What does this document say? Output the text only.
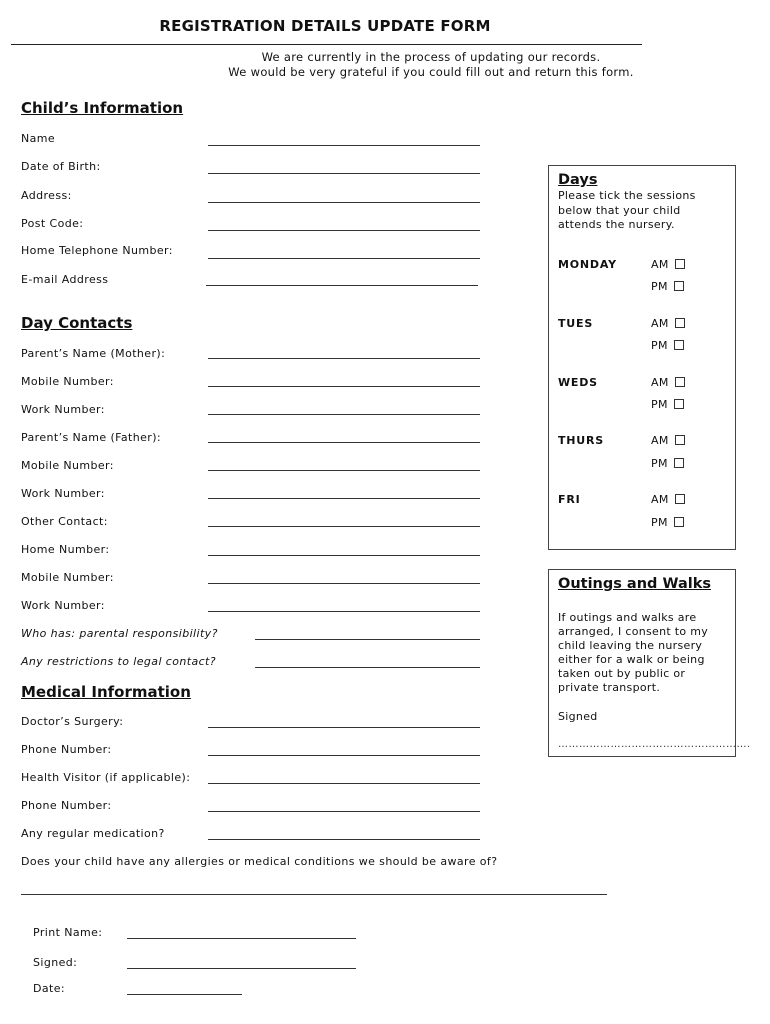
REGISTRATION DETAILS UPDATE FORM
We are currently in the process of updating our records.
We would be very grateful if you could fill out and return this form.
Child’s Information
Name
Date of Birth:
Address:
Post Code:
Home Telephone Number:
E-mail Address
Day Contacts
Parent’s Name (Mother):
Mobile Number:
Work Number:
Parent’s Name (Father):
Mobile Number:
Work Number:
Other Contact:
Home Number:
Mobile Number:
Work Number:
Who has: parental responsibility?
Any restrictions to legal contact?
Medical Information
Doctor’s Surgery:
Phone Number:
Health Visitor (if applicable):
Phone Number:
Any regular medication?
Does your child have any allergies or medical conditions we should be aware of?
Print Name:
Signed:
Date:
Days
Please tick the sessions below that your child attends the nursery.
MONDAY	AM
PM
TUES	AM
PM
WEDS	AM
PM
THURS	AM
PM
FRI	AM
PM
Outings and Walks
If outings and walks are arranged, I consent to my child leaving the nursery either for a walk or being taken out by public or private transport.
Signed
……………………………………………….
